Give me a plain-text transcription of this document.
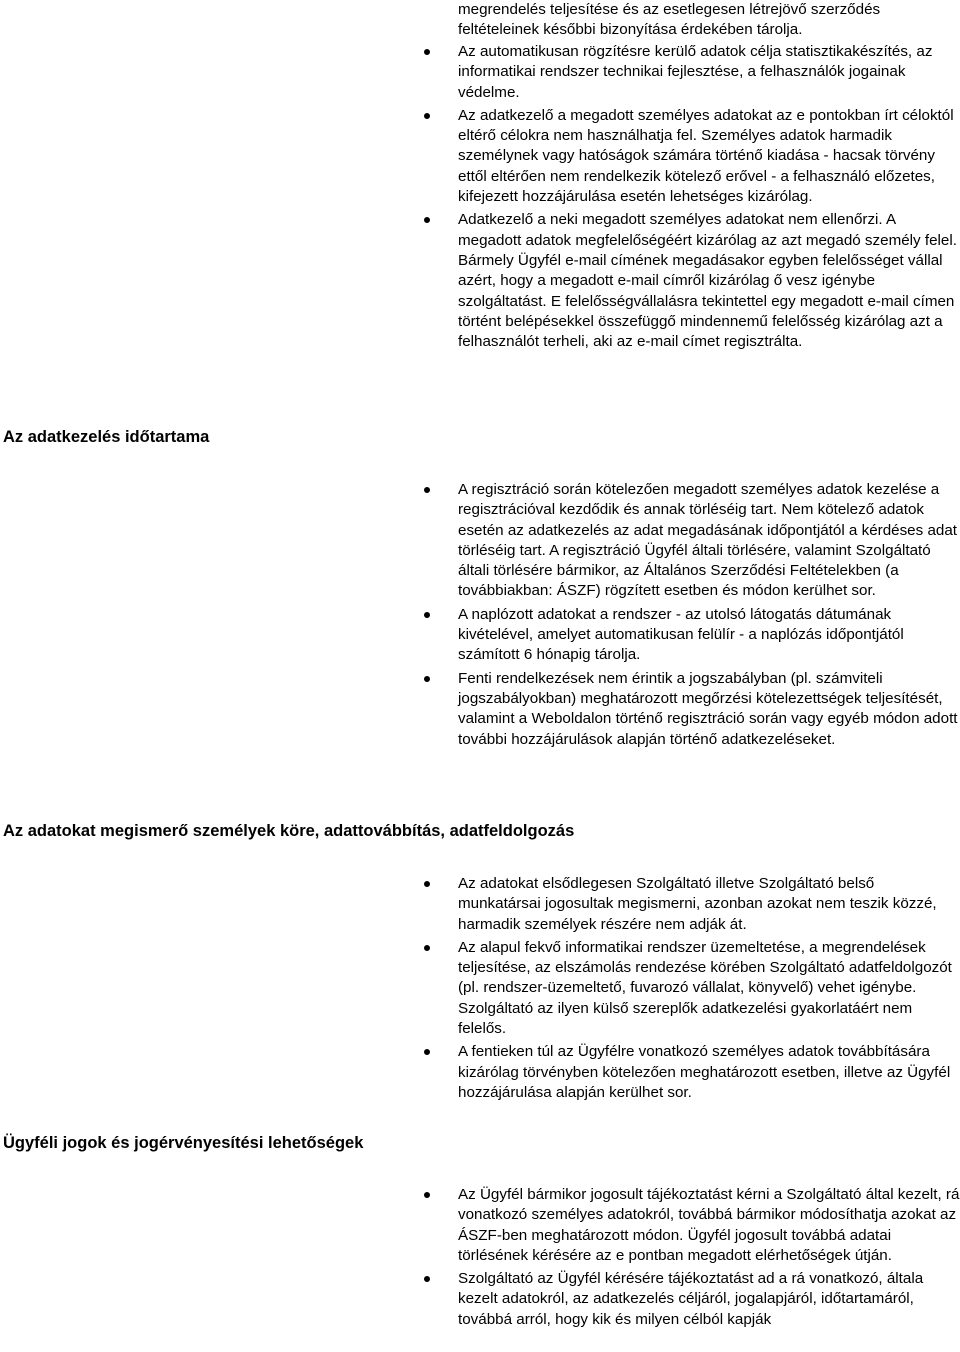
megrendelés teljesítése és az esetlegesen létrejövő szerződés feltételeinek későbbi bizonyítása érdekében tárolja.
Az automatikusan rögzítésre kerülő adatok célja statisztikakészítés, az informatikai rendszer technikai fejlesztése, a felhasználók jogainak védelme.
Az adatkezelő a megadott személyes adatokat az e pontokban írt céloktól eltérő célokra nem használhatja fel. Személyes adatok harmadik személynek vagy hatóságok számára történő kiadása - hacsak törvény ettől eltérően nem rendelkezik kötelező erővel - a felhasználó előzetes, kifejezett hozzájárulása esetén lehetséges kizárólag.
Adatkezelő a neki megadott személyes adatokat nem ellenőrzi. A megadott adatok megfelelőségéért kizárólag az azt megadó személy felel. Bármely Ügyfél e-mail címének megadásakor egyben felelősséget vállal azért, hogy a megadott e-mail címről kizárólag ő vesz igénybe szolgáltatást. E felelősségvállalásra tekintettel egy megadott e-mail címen történt belépésekkel összefüggő mindennemű felelősség kizárólag azt a felhasználót terheli, aki az e-mail címet regisztrálta.
Az adatkezelés időtartama
A regisztráció során kötelezően megadott személyes adatok kezelése a regisztrációval kezdődik és annak törléséig tart. Nem kötelező adatok esetén az adatkezelés az adat megadásának időpontjától a kérdéses adat törléséig tart. A regisztráció Ügyfél általi törlésére, valamint Szolgáltató általi törlésére bármikor, az Általános Szerződési Feltételekben (a továbbiakban: ÁSZF) rögzített esetben és módon kerülhet sor.
A naplózott adatokat a rendszer - az utolsó látogatás dátumának kivételével, amelyet automatikusan felülír - a naplózás időpontjától számított 6 hónapig tárolja.
Fenti rendelkezések nem érintik a jogszabályban (pl. számviteli jogszabályokban) meghatározott megőrzési kötelezettségek teljesítését, valamint a Weboldalon történő regisztráció során vagy egyéb módon adott további hozzájárulások alapján történő adatkezeléseket.
Az adatokat megismerő személyek köre, adattovábbítás, adatfeldolgozás
Az adatokat elsődlegesen Szolgáltató illetve Szolgáltató belső munkatársai jogosultak megismerni, azonban azokat nem teszik közzé, harmadik személyek részére nem adják át.
Az alapul fekvő informatikai rendszer üzemeltetése, a megrendelések teljesítése, az elszámolás rendezése körében Szolgáltató adatfeldolgozót (pl. rendszer-üzemeltető, fuvarozó vállalat, könyvelő) vehet igénybe. Szolgáltató az ilyen külső szereplők adatkezelési gyakorlatáért nem felelős.
A fentieken túl az Ügyfélre vonatkozó személyes adatok továbbítására kizárólag törvényben kötelezően meghatározott esetben, illetve az Ügyfél hozzájárulása alapján kerülhet sor.
Ügyféli jogok és jogérvényesítési lehetőségek
Az Ügyfél bármikor jogosult tájékoztatást kérni a Szolgáltató által kezelt, rá vonatkozó személyes adatokról, továbbá bármikor módosíthatja azokat az ÁSZF-ben meghatározott módon. Ügyfél jogosult továbbá adatai törlésének kérésére az e pontban megadott elérhetőségek útján.
Szolgáltató az Ügyfél kérésére tájékoztatást ad a rá vonatkozó, általa kezelt adatokról, az adatkezelés céljáról, jogalapjáról, időtartamáról, továbbá arról, hogy kik és milyen célból kapják
